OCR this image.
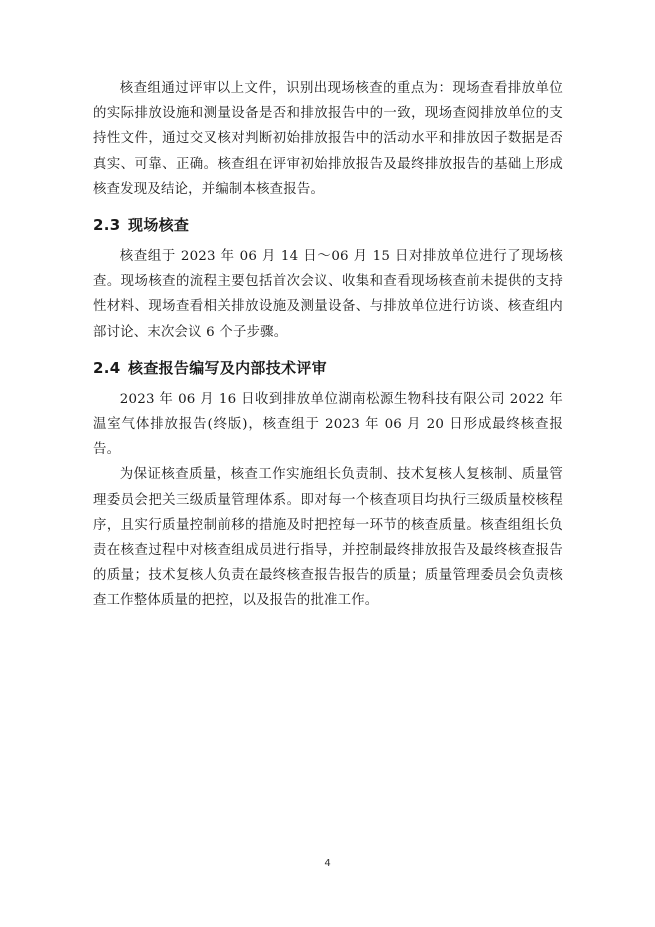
核查组通过评审以上文件，识别出现场核查的重点为：现场查看排放单位的实际排放设施和测量设备是否和排放报告中的一致，现场查阅排放单位的支持性文件，通过交叉核对判断初始排放报告中的活动水平和排放因子数据是否真实、可靠、正确。核查组在评审初始排放报告及最终排放报告的基础上形成核查发现及结论，并编制本核查报告。

2.3 现场核查

核查组于 2023 年 06 月 14 日～06 月 15 日对排放单位进行了现场核查。现场核查的流程主要包括首次会议、收集和查看现场核查前未提供的支持性材料、现场查看相关排放设施及测量设备、与排放单位进行访谈、核查组内部讨论、末次会议 6 个子步骤。

2.4 核查报告编写及内部技术评审

2023 年 06 月 16 日收到排放单位湖南松源生物科技有限公司 2022 年温室气体排放报告(终版)，核查组于 2023 年 06 月 20 日形成最终核查报告。

为保证核查质量，核查工作实施组长负责制、技术复核人复核制、质量管理委员会把关三级质量管理体系。即对每一个核查项目均执行三级质量校核程序，且实行质量控制前移的措施及时把控每一环节的核查质量。核查组组长负责在核查过程中对核查组成员进行指导，并控制最终排放报告及最终核查报告的质量；技术复核人负责在最终核查报告报告的质量；质量管理委员会负责核查工作整体质量的把控，以及报告的批准工作。

4
